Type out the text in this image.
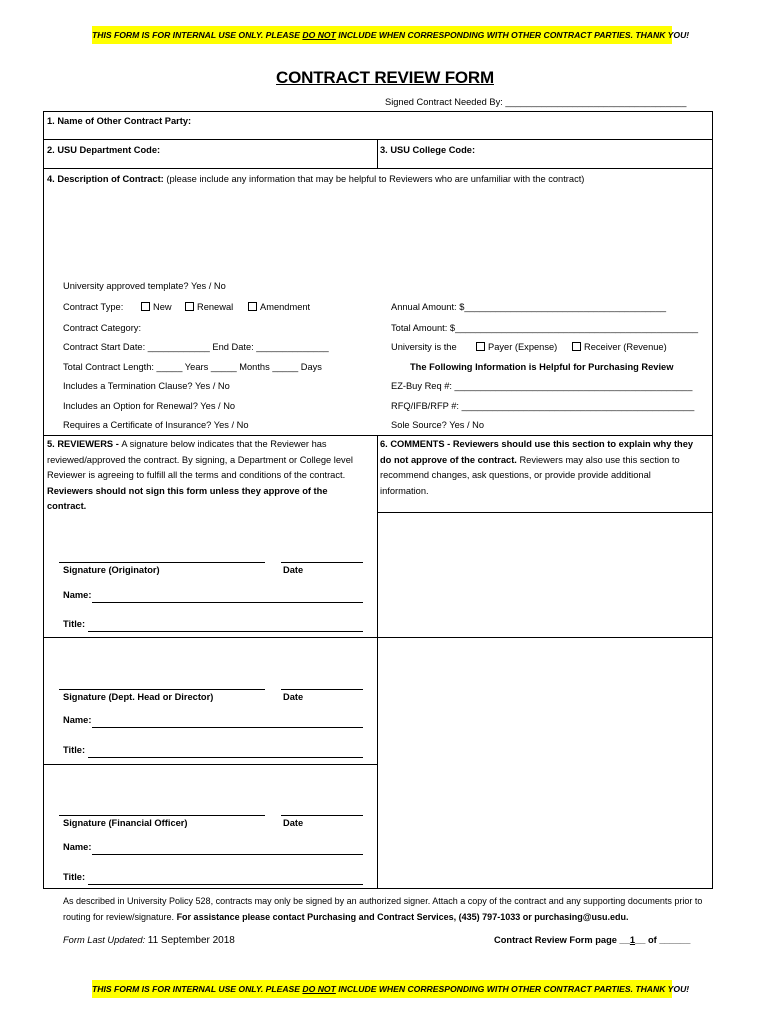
THIS FORM IS FOR INTERNAL USE ONLY. PLEASE DO NOT INCLUDE WHEN CORRESPONDING WITH OTHER CONTRACT PARTIES. THANK YOU!
CONTRACT REVIEW FORM
Signed Contract Needed By: ___________________________________
1. Name of Other Contract Party:
2. USU Department Code:	3. USU College Code:
4. Description of Contract: (please include any information that may be helpful to Reviewers who are unfamiliar with the contract)
University approved template? Yes / No
Contract Type:	New	Renewal	Amendment	Annual Amount: $_______________________________________
Contract Category:	Total Amount: $_______________________________________________
Contract Start Date: ____________ End Date: ______________	University is the	Payer (Expense)	Receiver (Revenue)
Total Contract Length: _____ Years _____ Months _____ Days	The Following Information is Helpful for Purchasing Review
Includes a Termination Clause? Yes / No	EZ-Buy Req #: ______________________________________________
Includes an Option for Renewal? Yes / No	RFQ/IFB/RFP #: _____________________________________________
Requires a Certificate of Insurance? Yes / No	Sole Source? Yes / No
5. REVIEWERS - A signature below indicates that the Reviewer has reviewed/approved the contract. By signing, a Department or College level Reviewer is agreeing to fulfill all the terms and conditions of the contract. Reviewers should not sign this form unless they approve of the contract.
6. COMMENTS - Reviewers should use this section to explain why they do not approve of the contract. Reviewers may also use this section to recommend changes, ask questions, or provide provide additional information.
Signature (Originator)	Date
Name:
Title:
Signature (Dept. Head or Director)	Date
Name:
Title:
Signature (Financial Officer)	Date
Name:
Title:
As described in University Policy 528, contracts may only be signed by an authorized signer. Attach a copy of the contract and any supporting documents prior to routing for review/signature. For assistance please contact Purchasing and Contract Services, (435) 797-1033 or purchasing@usu.edu.
Form Last Updated: 11 September 2018	Contract Review Form page __1__ of ______
THIS FORM IS FOR INTERNAL USE ONLY. PLEASE DO NOT INCLUDE WHEN CORRESPONDING WITH OTHER CONTRACT PARTIES. THANK YOU!
